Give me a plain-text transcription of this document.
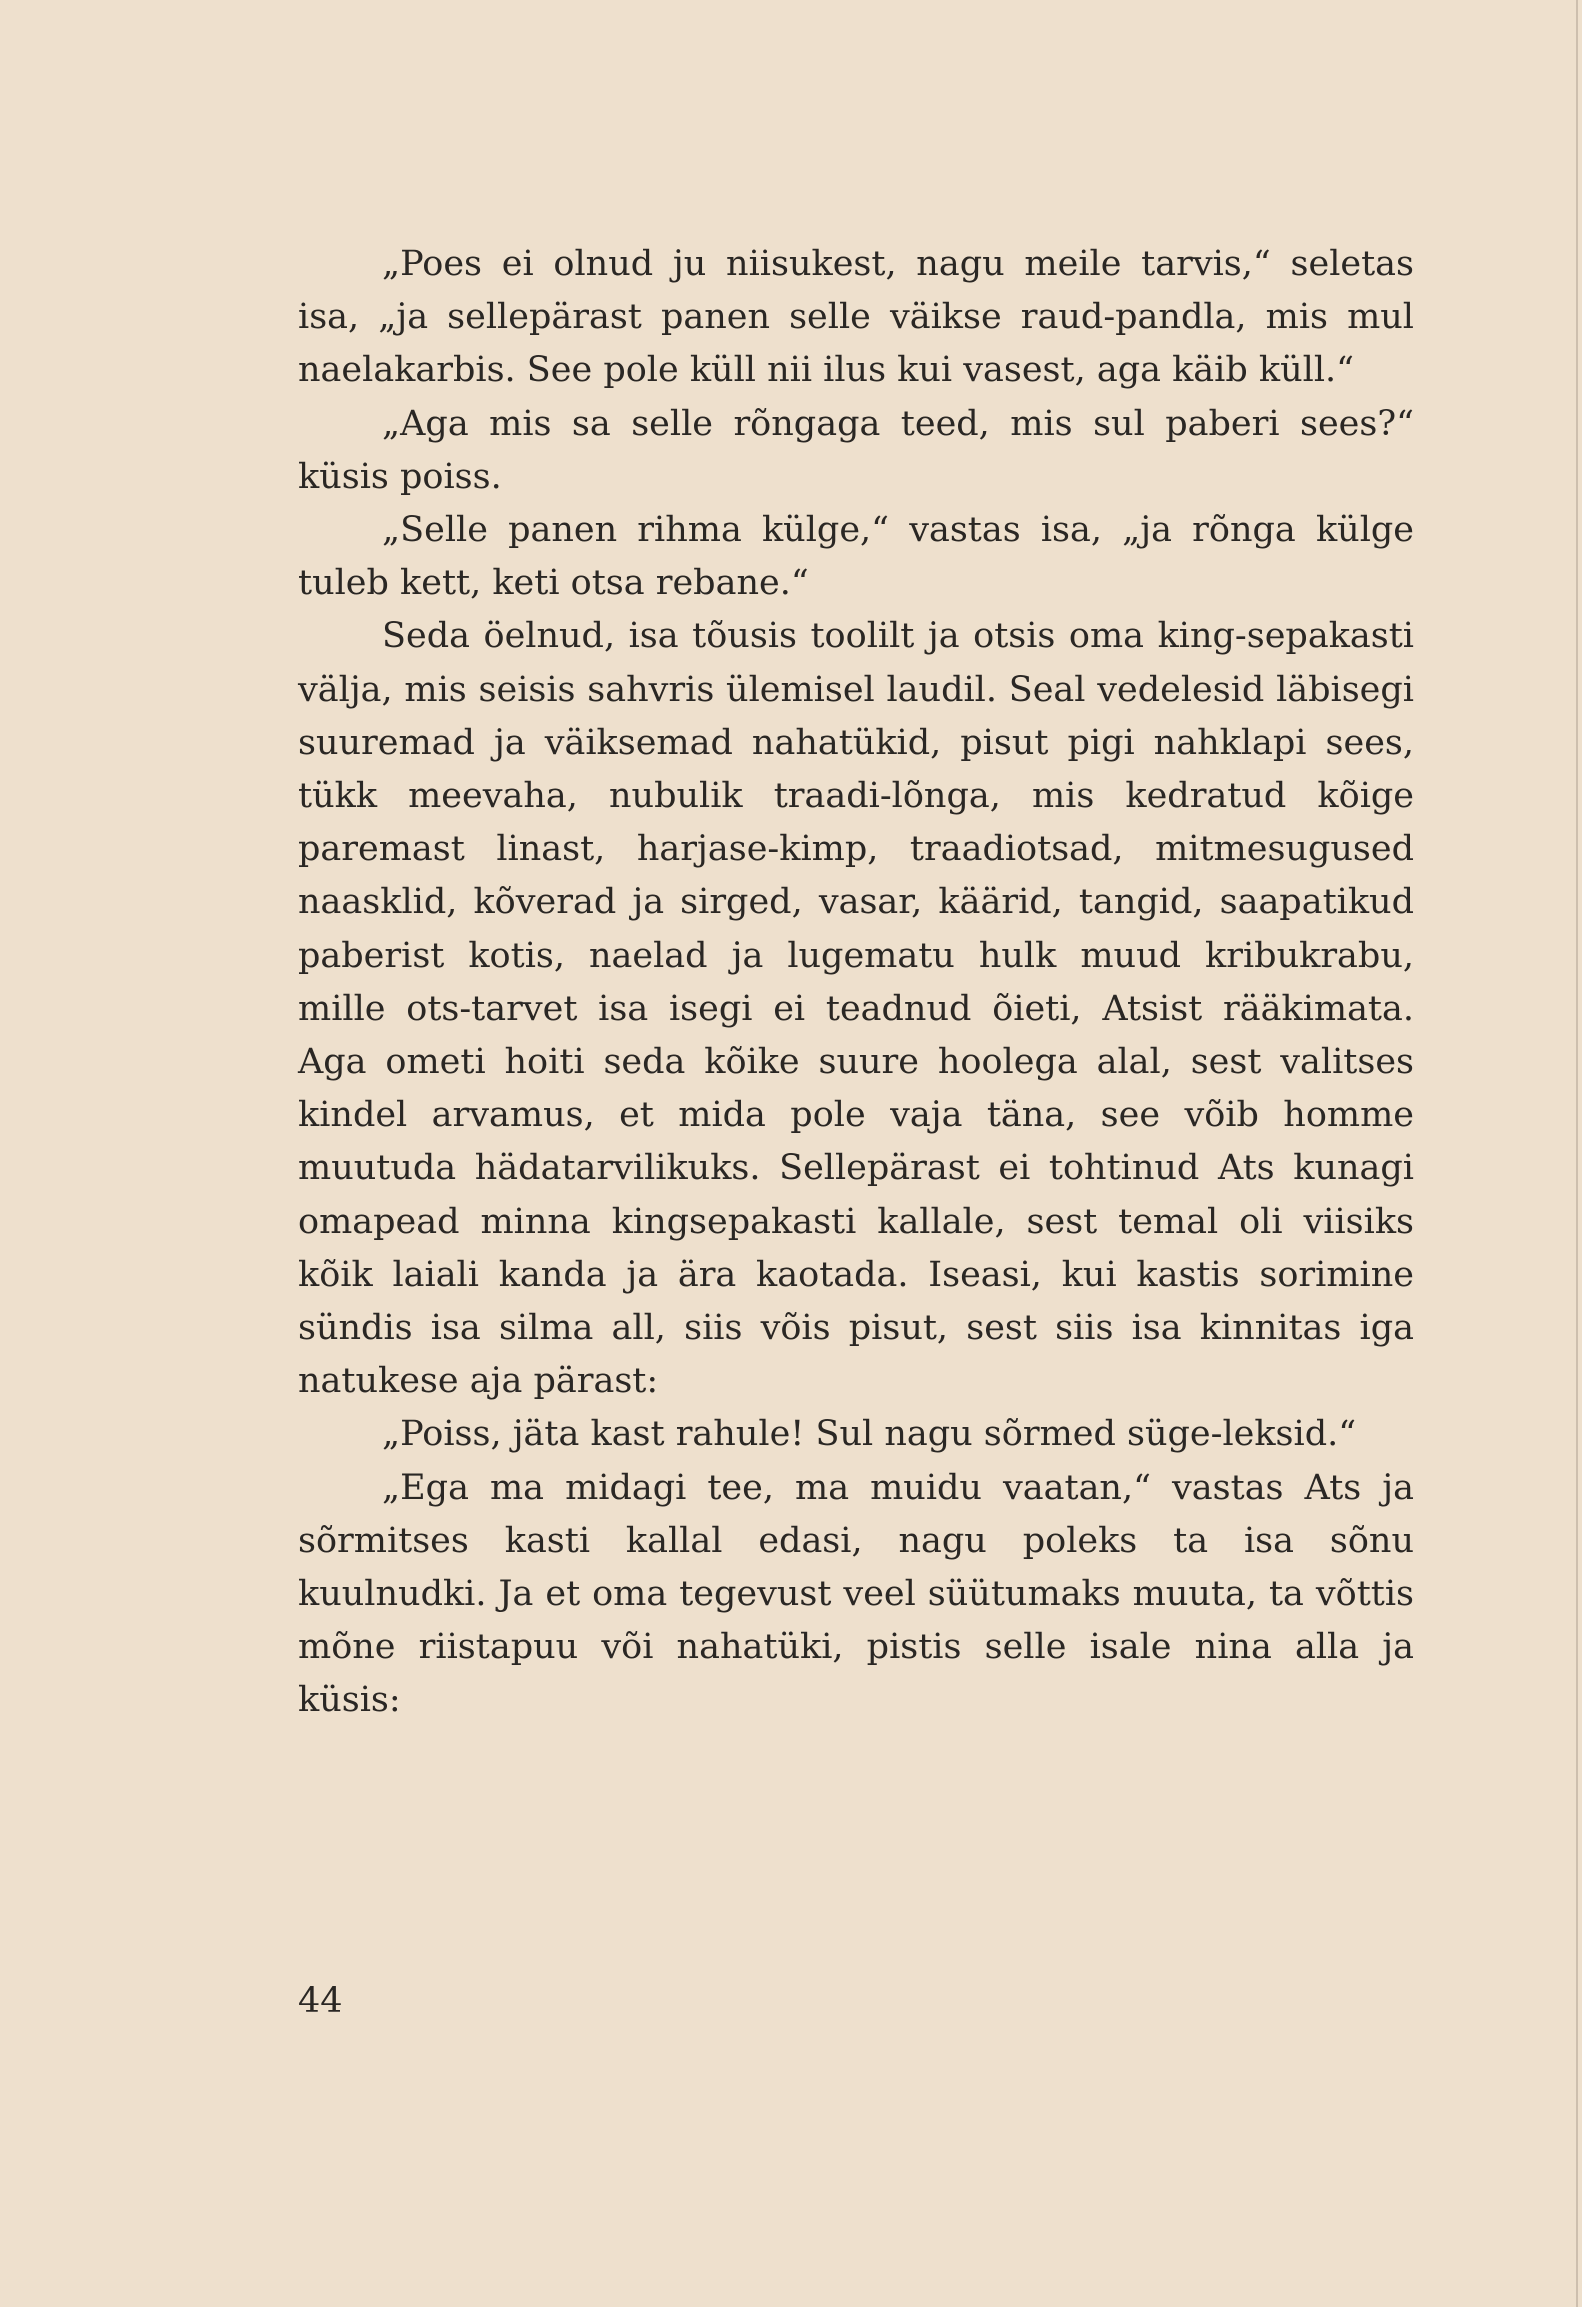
„Poes ei olnud ju niisukest, nagu meile tarvis,“ seletas isa, „ja sellepärast panen selle väikse raud-pandla, mis mul naelakarbis. See pole küll nii ilus kui vasest, aga käib küll.“

„Aga mis sa selle rõngaga teed, mis sul paberi sees?“ küsis poiss.

„Selle panen rihma külge,“ vastas isa, „ja rõnga külge tuleb kett, keti otsa rebane.“

Seda öelnud, isa tõusis toolilt ja otsis oma king-sepakasti välja, mis seisis sahvris ülemisel laudil. Seal vedelesid läbisegi suuremad ja väiksemad nahatükid, pisut pigi nahklapi sees, tükk meevaha, nubulik traadi-lõnga, mis kedratud kõige paremast linast, harjase-kimp, traadiotsad, mitmesugused naasklid, kõverad ja sirged, vasar, käärid, tangid, saapatikud paberist kotis, naelad ja lugematu hulk muud kribukrabu, mille ots-tarvet isa isegi ei teadnud õieti, Atsist rääkimata. Aga ometi hoiti seda kõike suure hoolega alal, sest valitses kindel arvamus, et mida pole vaja täna, see võib homme muutuda hädatarvilikuks. Sellepärast ei tohtinud Ats kunagi omapead minna kingsepakasti kallale, sest temal oli viisiks kõik laiali kanda ja ära kaotada. Iseasi, kui kastis sorimine sündis isa silma all, siis võis pisut, sest siis isa kinnitas iga natukese aja pärast:

„Poiss, jäta kast rahule! Sul nagu sõrmed süge-leksid.“

„Ega ma midagi tee, ma muidu vaatan,“ vastas Ats ja sõrmitses kasti kallal edasi, nagu poleks ta isa sõnu kuulnudki. Ja et oma tegevust veel süütumaks muuta, ta võttis mõne riistapuu või nahatüki, pistis selle isale nina alla ja küsis:

44
